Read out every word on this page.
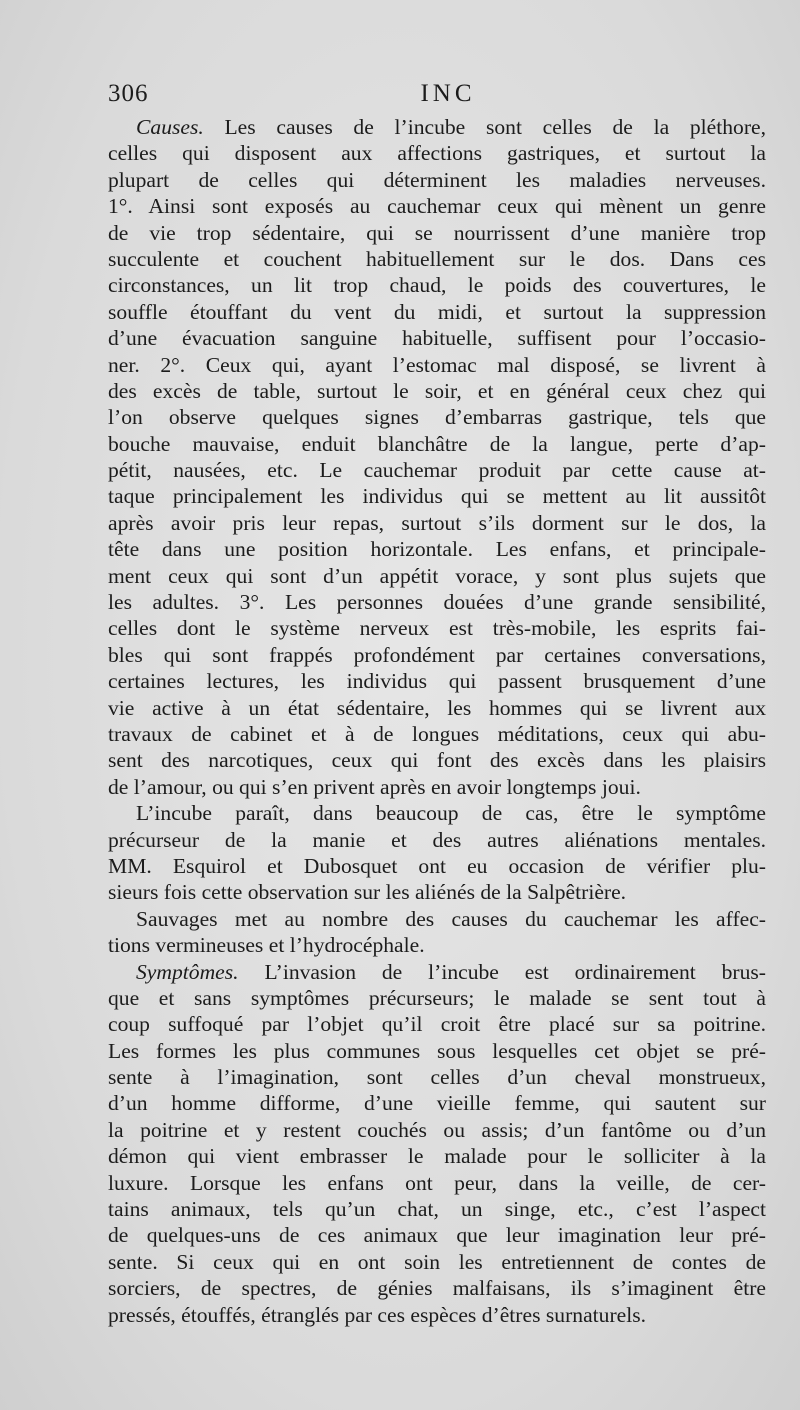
306	INC
Causes. Les causes de l’incube sont celles de la pléthore,
celles qui disposent aux affections gastriques, et surtout la
plupart de celles qui déterminent les maladies nerveuses.
1°. Ainsi sont exposés au cauchemar ceux qui mènent un genre
de vie trop sédentaire, qui se nourrissent d’une manière trop
succulente et couchent habituellement sur le dos. Dans ces
circonstances, un lit trop chaud, le poids des couvertures, le
souffle étouffant du vent du midi, et surtout la suppression
d’une évacuation sanguine habituelle, suffisent pour l’occasio-
ner. 2°. Ceux qui, ayant l’estomac mal disposé, se livrent à
des excès de table, surtout le soir, et en général ceux chez qui
l’on observe quelques signes d’embarras gastrique, tels que
bouche mauvaise, enduit blanchâtre de la langue, perte d’ap-
pétit, nausées, etc. Le cauchemar produit par cette cause at-
taque principalement les individus qui se mettent au lit aussitôt
après avoir pris leur repas, surtout s’ils dorment sur le dos, la
tête dans une position horizontale. Les enfans, et principale-
ment ceux qui sont d’un appétit vorace, y sont plus sujets que
les adultes. 3°. Les personnes douées d’une grande sensibilité,
celles dont le système nerveux est très-mobile, les esprits fai-
bles qui sont frappés profondément par certaines conversations,
certaines lectures, les individus qui passent brusquement d’une
vie active à un état sédentaire, les hommes qui se livrent aux
travaux de cabinet et à de longues méditations, ceux qui abu-
sent des narcotiques, ceux qui font des excès dans les plaisirs
de l’amour, ou qui s’en privent après en avoir longtemps joui.
L’incube paraît, dans beaucoup de cas, être le symptôme
précurseur de la manie et des autres aliénations mentales.
MM. Esquirol et Dubosquet ont eu occasion de vérifier plu-
sieurs fois cette observation sur les aliénés de la Salpêtrière.
Sauvages met au nombre des causes du cauchemar les affec-
tions vermineuses et l’hydrocéphale.
Symptômes. L’invasion de l’incube est ordinairement brus-
que et sans symptômes précurseurs; le malade se sent tout à
coup suffoqué par l’objet qu’il croit être placé sur sa poitrine.
Les formes les plus communes sous lesquelles cet objet se pré-
sente à l’imagination, sont celles d’un cheval monstrueux,
d’un homme difforme, d’une vieille femme, qui sautent sur
la poitrine et y restent couchés ou assis; d’un fantôme ou d’un
démon qui vient embrasser le malade pour le solliciter à la
luxure. Lorsque les enfans ont peur, dans la veille, de cer-
tains animaux, tels qu’un chat, un singe, etc., c’est l’aspect
de quelques-uns de ces animaux que leur imagination leur pré-
sente. Si ceux qui en ont soin les entretiennent de contes de
sorciers, de spectres, de génies malfaisans, ils s’imaginent être
pressés, étouffés, étranglés par ces espèces d’êtres surnaturels.
